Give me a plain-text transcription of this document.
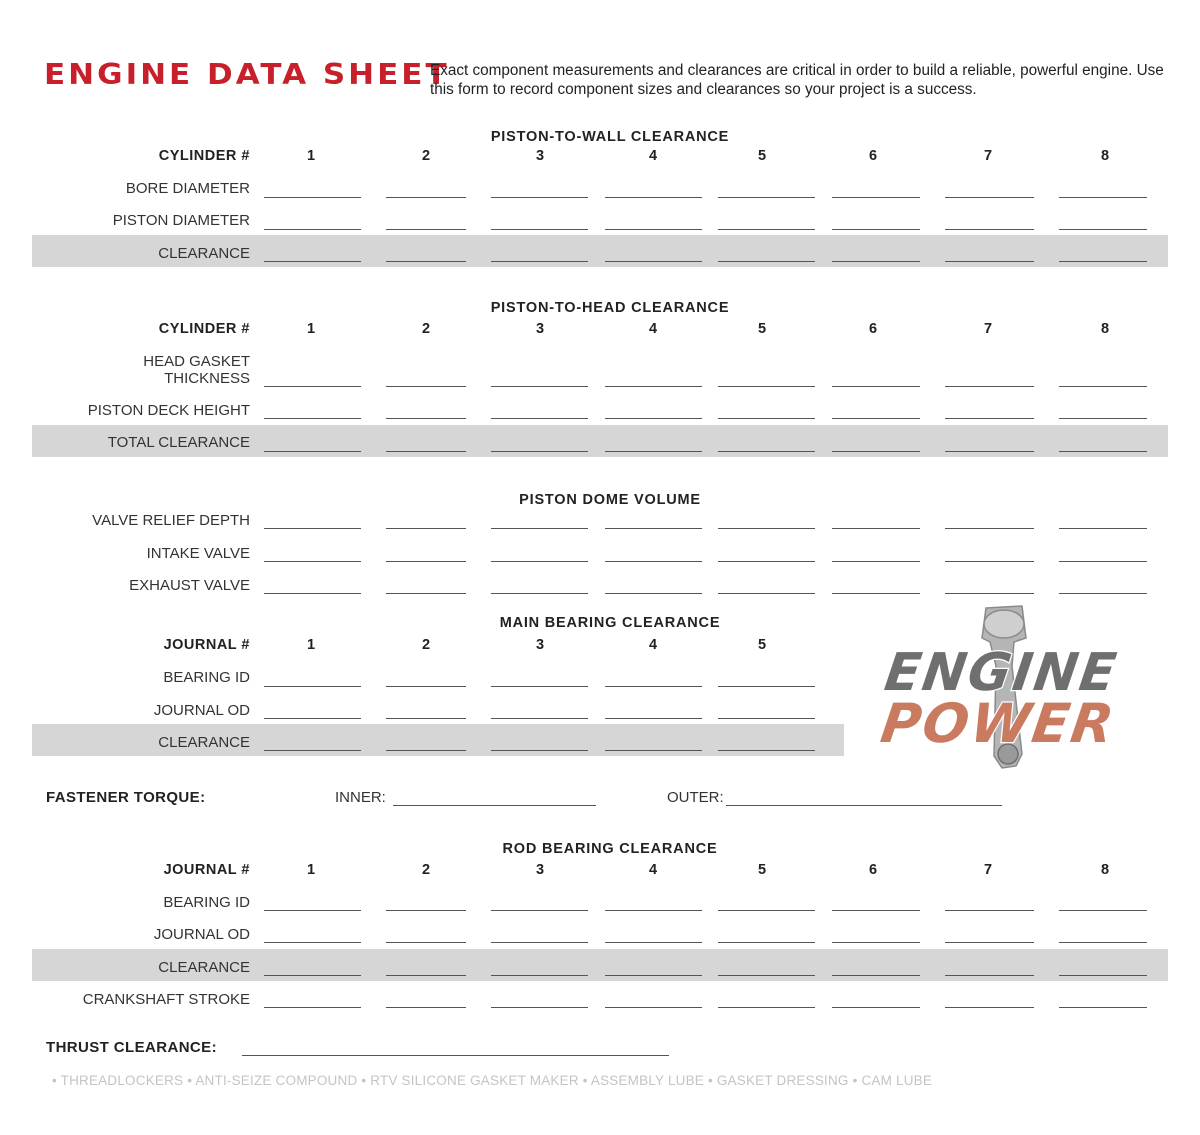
ENGINE DATA SHEET
Exact component measurements and clearances are critical in order to build a reliable, powerful engine. Use this form to record component sizes and clearances so your project is a success.
PISTON-TO-WALL CLEARANCE
CYLINDER #	1	2	3	4	5	6	7	8
BORE DIAMETER
PISTON DIAMETER
CLEARANCE
PISTON-TO-HEAD CLEARANCE
CYLINDER #	1	2	3	4	5	6	7	8
HEAD GASKET
THICKNESS
PISTON DECK HEIGHT
TOTAL CLEARANCE
PISTON DOME VOLUME
VALVE RELIEF DEPTH
INTAKE VALVE
EXHAUST VALVE
MAIN BEARING CLEARANCE
JOURNAL #	1	2	3	4	5
BEARING ID
JOURNAL OD
CLEARANCE
ENGINE
POWER
FASTENER TORQUE:	INNER:	OUTER:
ROD BEARING CLEARANCE
JOURNAL #	1	2	3	4	5	6	7	8
BEARING ID
JOURNAL OD
CLEARANCE
CRANKSHAFT STROKE
THRUST CLEARANCE:
• THREADLOCKERS • ANTI-SEIZE COMPOUND • RTV SILICONE GASKET MAKER • ASSEMBLY LUBE • GASKET DRESSING • CAM LUBE
